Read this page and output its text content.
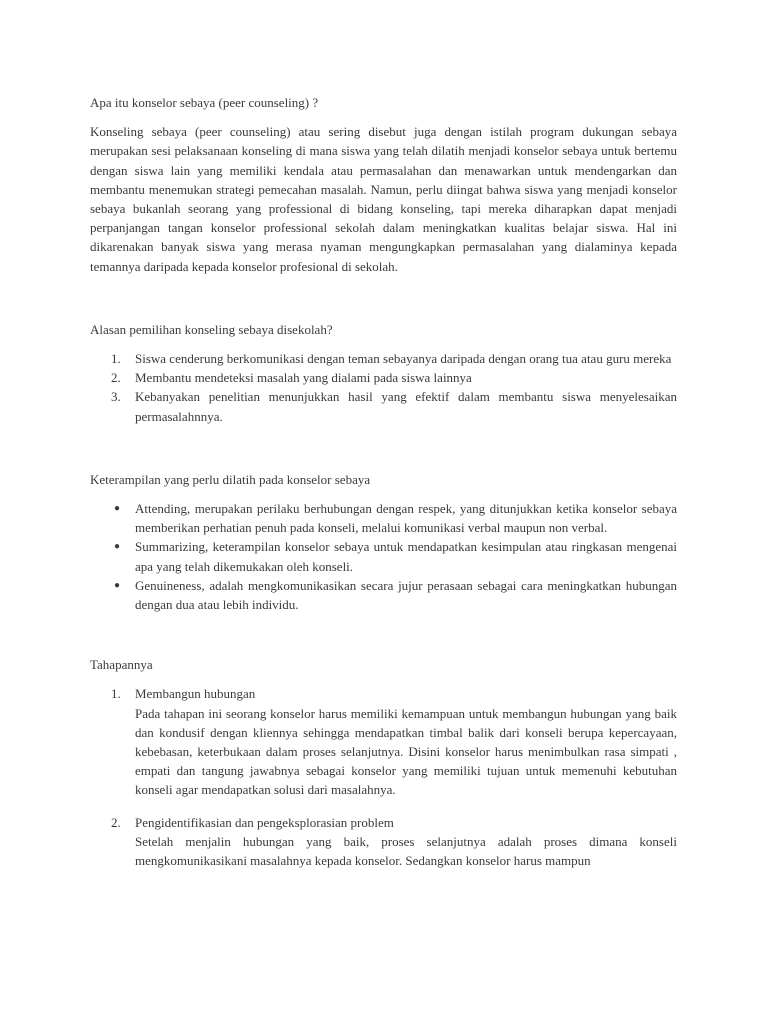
Apa itu konselor sebaya (peer counseling) ?

Konseling sebaya (peer counseling) atau sering disebut juga dengan istilah program dukungan sebaya merupakan sesi pelaksanaan konseling di mana siswa yang telah dilatih menjadi konselor sebaya untuk bertemu dengan siswa lain yang memiliki kendala atau permasalahan dan menawarkan untuk mendengarkan dan membantu menemukan strategi pemecahan masalah. Namun, perlu diingat bahwa siswa yang menjadi konselor sebaya bukanlah seorang yang professional di bidang konseling, tapi mereka diharapkan dapat menjadi perpanjangan tangan konselor professional sekolah dalam meningkatkan kualitas belajar siswa. Hal ini dikarenakan banyak siswa yang merasa nyaman mengungkapkan permasalahan yang dialaminya kepada temannya daripada kepada konselor profesional di sekolah.

Alasan pemilihan konseling sebaya disekolah?

1. Siswa cenderung berkomunikasi dengan teman sebayanya daripada dengan orang tua atau guru mereka
2. Membantu mendeteksi masalah yang dialami pada siswa lainnya
3. Kebanyakan penelitian menunjukkan hasil yang efektif dalam membantu siswa menyelesaikan permasalahnnya.

Keterampilan yang perlu dilatih pada konselor sebaya

● Attending, merupakan perilaku berhubungan dengan respek, yang ditunjukkan ketika konselor sebaya memberikan perhatian penuh pada konseli, melalui komunikasi verbal maupun non verbal.
● Summarizing, keterampilan konselor sebaya untuk mendapatkan kesimpulan atau ringkasan mengenai apa yang telah dikemukakan oleh konseli.
● Genuineness, adalah mengkomunikasikan secara jujur perasaan sebagai cara meningkatkan hubungan dengan dua atau lebih individu.

Tahapannya

1. Membangun hubungan
Pada tahapan ini seorang konselor harus memiliki kemampuan untuk membangun hubungan yang baik dan kondusif dengan kliennya sehingga mendapatkan timbal balik dari konseli berupa kepercayaan, kebebasan, keterbukaan dalam proses selanjutnya. Disini konselor harus menimbulkan rasa simpati , empati dan tangung jawabnya sebagai konselor yang memiliki tujuan untuk memenuhi kebutuhan konseli agar mendapatkan solusi dari masalahnya.
2. Pengidentifikasian dan pengeksplorasian problem
Setelah menjalin hubungan yang baik, proses selanjutnya adalah proses dimana konseli mengkomunikasikani masalahnya kepada konselor. Sedangkan konselor harus mampun
